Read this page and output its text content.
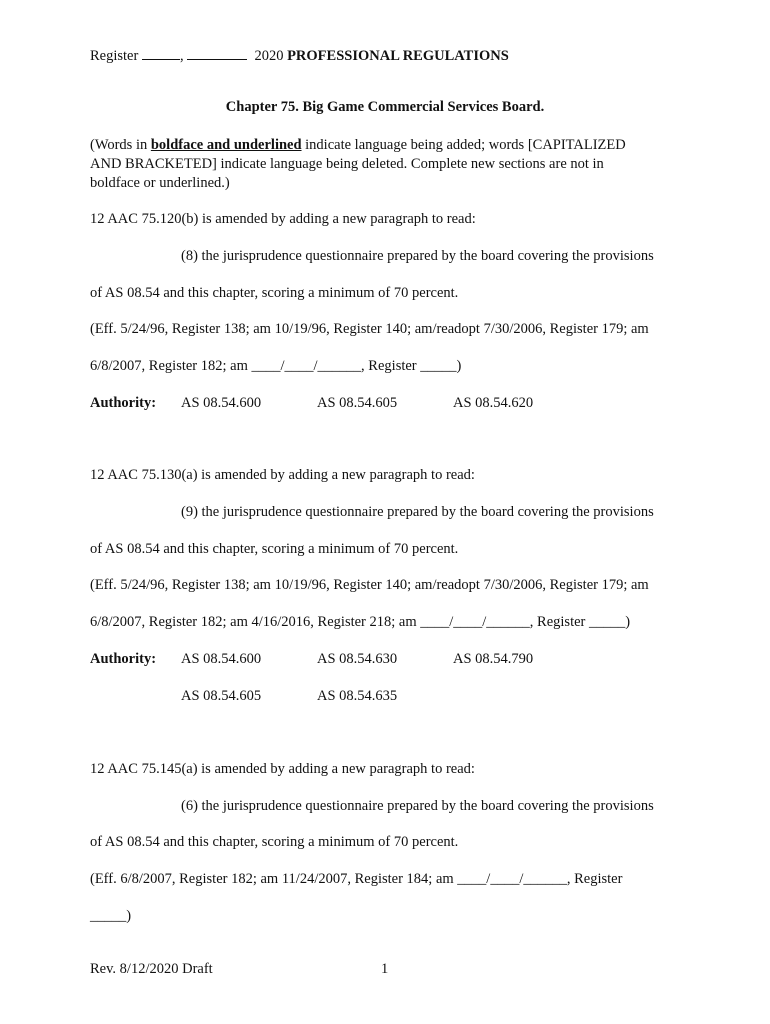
Register	,	2020 PROFESSIONAL REGULATIONS
Chapter 75. Big Game Commercial Services Board.
(Words in boldface and underlined indicate language being added; words [CAPITALIZED
AND BRACKETED] indicate language being deleted. Complete new sections are not in
boldface or underlined.)
12 AAC 75.120(b) is amended by adding a new paragraph to read:
(8) the jurisprudence questionnaire prepared by the board covering the provisions
of AS 08.54 and this chapter, scoring a minimum of 70 percent.
(Eff. 5/24/96, Register 138; am 10/19/96, Register 140; am/readopt 7/30/2006, Register 179; am
6/8/2007, Register 182; am ____/____/______, Register _____)
Authority: AS 08.54.600	AS 08.54.605	AS 08.54.620
12 AAC 75.130(a) is amended by adding a new paragraph to read:
(9) the jurisprudence questionnaire prepared by the board covering the provisions
of AS 08.54 and this chapter, scoring a minimum of 70 percent.
(Eff. 5/24/96, Register 138; am 10/19/96, Register 140; am/readopt 7/30/2006, Register 179; am
6/8/2007, Register 182; am 4/16/2016, Register 218; am ____/____/______, Register _____)
Authority: AS 08.54.600	AS 08.54.630	AS 08.54.790
AS 08.54.605	AS 08.54.635
12 AAC 75.145(a) is amended by adding a new paragraph to read:
(6) the jurisprudence questionnaire prepared by the board covering the provisions
of AS 08.54 and this chapter, scoring a minimum of 70 percent.
(Eff. 6/8/2007, Register 182; am 11/24/2007, Register 184; am ____/____/______, Register
_____)
Rev. 8/12/2020 Draft	1
